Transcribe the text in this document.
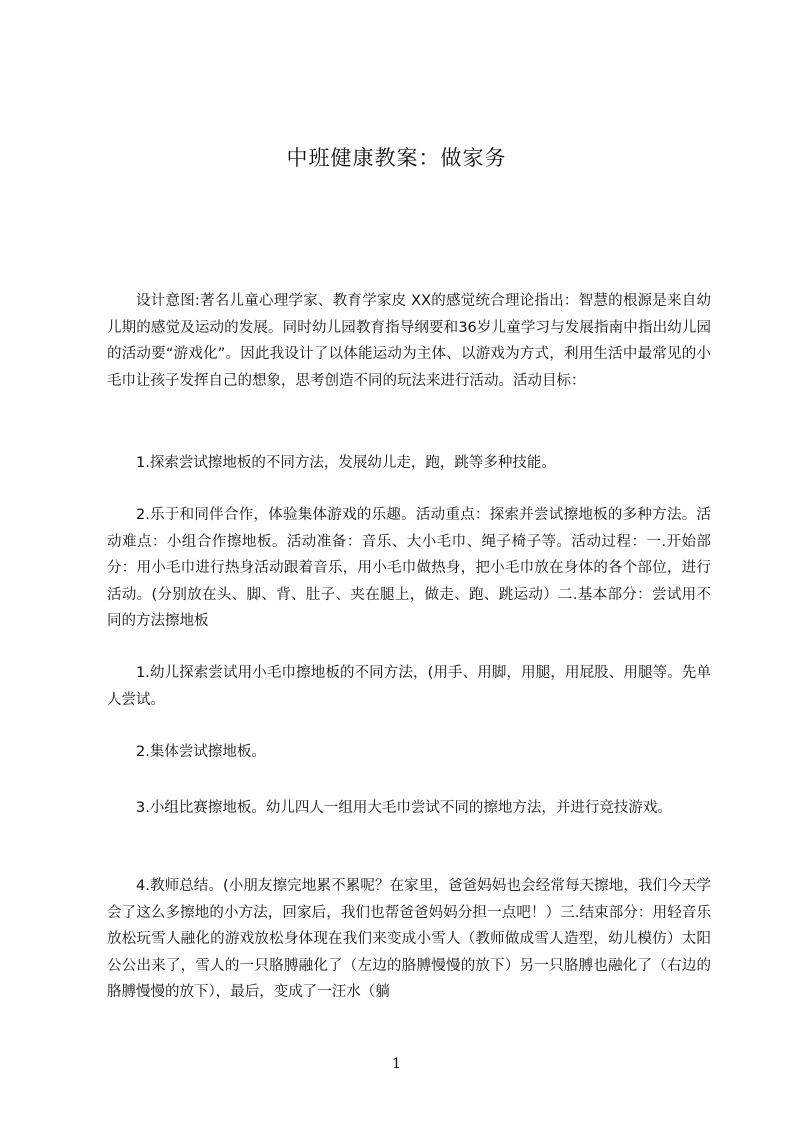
中班健康教案：做家务

设计意图:著名儿童心理学家、教育学家皮 XX的感觉统合理论指出：智慧的根源是来自幼儿期的感觉及运动的发展。同时幼儿园教育指导纲要和36岁儿童学习与发展指南中指出幼儿园的活动要“游戏化”。因此我设计了以体能运动为主体、以游戏为方式，利用生活中最常见的小毛巾让孩子发挥自己的想象，思考创造不同的玩法来进行活动。活动目标：

1.探索尝试擦地板的不同方法，发展幼儿走，跑，跳等多种技能。

2.乐于和同伴合作，体验集体游戏的乐趣。活动重点：探索并尝试擦地板的多种方法。活动难点：小组合作擦地板。活动准备：音乐、大小毛巾、绳子椅子等。活动过程：一.开始部分：用小毛巾进行热身活动跟着音乐，用小毛巾做热身，把小毛巾放在身体的各个部位，进行活动。(分别放在头、脚、背、肚子、夹在腿上，做走、跑、跳运动）二.基本部分：尝试用不同的方法擦地板

1.幼儿探索尝试用小毛巾擦地板的不同方法，(用手、用脚，用腿，用屁股、用腿等。先单人尝试。

2.集体尝试擦地板。

3.小组比赛擦地板。幼儿四人一组用大毛巾尝试不同的擦地方法，并进行竞技游戏。

4.教师总结。(小朋友擦完地累不累呢？在家里，爸爸妈妈也会经常每天擦地，我们今天学会了这么多擦地的小方法，回家后，我们也帮爸爸妈妈分担一点吧！）三.结束部分：用轻音乐放松玩雪人融化的游戏放松身体现在我们来变成小雪人（教师做成雪人造型，幼儿模仿）太阳公公出来了，雪人的一只胳膊融化了（左边的胳膊慢慢的放下）另一只胳膊也融化了（右边的胳膊慢慢的放下），最后，变成了一汪水（躺

1
